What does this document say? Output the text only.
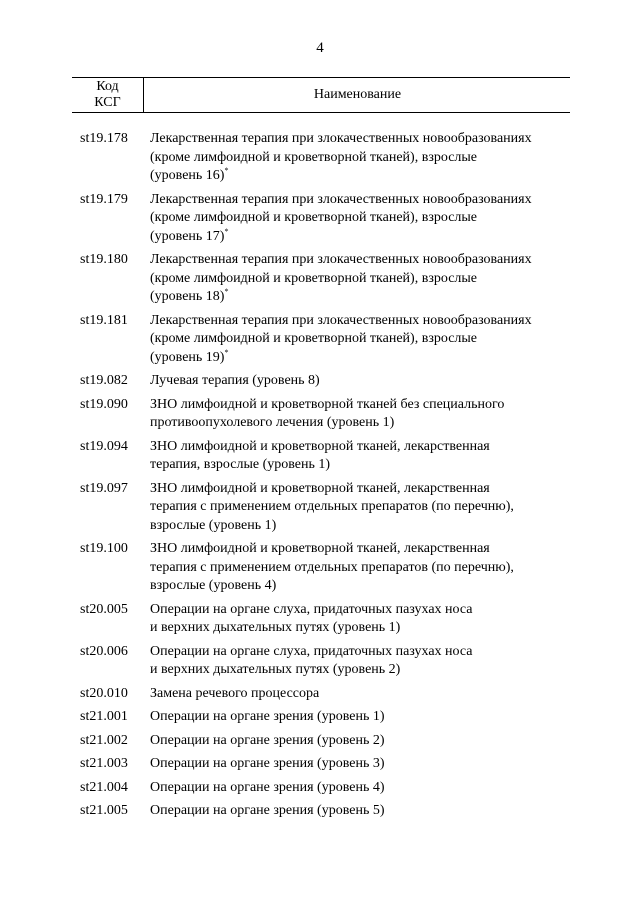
4
Код
КСГ
Наименование
st19.178	Лекарственная терапия при злокачественных новообразованиях
(кроме лимфоидной и кроветворной тканей), взрослые
(уровень 16)*
st19.179	Лекарственная терапия при злокачественных новообразованиях
(кроме лимфоидной и кроветворной тканей), взрослые
(уровень 17)*
st19.180	Лекарственная терапия при злокачественных новообразованиях
(кроме лимфоидной и кроветворной тканей), взрослые
(уровень 18)*
st19.181	Лекарственная терапия при злокачественных новообразованиях
(кроме лимфоидной и кроветворной тканей), взрослые
(уровень 19)*
st19.082	Лучевая терапия (уровень 8)
st19.090	ЗНО лимфоидной и кроветворной тканей без специального
противоопухолевого лечения (уровень 1)
st19.094	ЗНО лимфоидной и кроветворной тканей, лекарственная
терапия, взрослые (уровень 1)
st19.097	ЗНО лимфоидной и кроветворной тканей, лекарственная
терапия с применением отдельных препаратов (по перечню),
взрослые (уровень 1)
st19.100	ЗНО лимфоидной и кроветворной тканей, лекарственная
терапия с применением отдельных препаратов (по перечню),
взрослые (уровень 4)
st20.005	Операции на органе слуха, придаточных пазухах носа
и верхних дыхательных путях (уровень 1)
st20.006	Операции на органе слуха, придаточных пазухах носа
и верхних дыхательных путях (уровень 2)
st20.010	Замена речевого процессора
st21.001	Операции на органе зрения (уровень 1)
st21.002	Операции на органе зрения (уровень 2)
st21.003	Операции на органе зрения (уровень 3)
st21.004	Операции на органе зрения (уровень 4)
st21.005	Операции на органе зрения (уровень 5)
